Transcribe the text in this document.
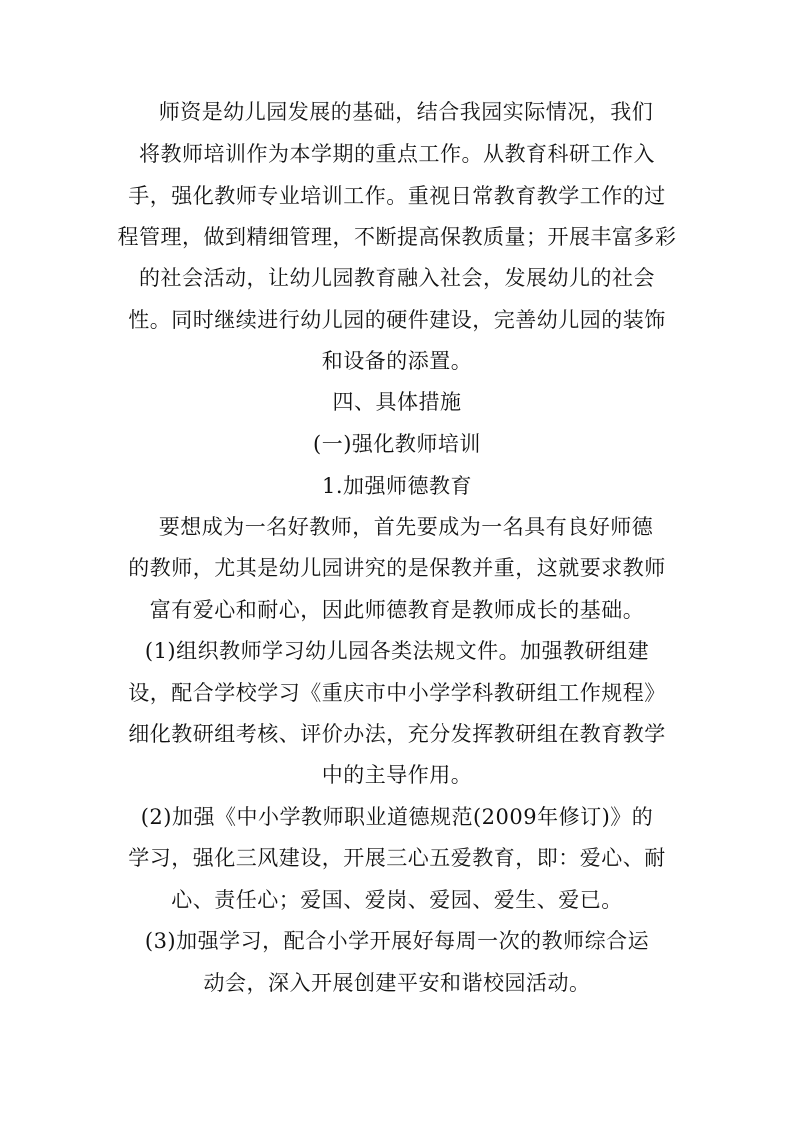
师资是幼儿园发展的基础，结合我园实际情况，我们
将教师培训作为本学期的重点工作。从教育科研工作入
手，强化教师专业培训工作。重视日常教育教学工作的过
程管理，做到精细管理，不断提高保教质量；开展丰富多彩
的社会活动，让幼儿园教育融入社会，发展幼儿的社会
性。同时继续进行幼儿园的硬件建设，完善幼儿园的装饰
和设备的添置。
四、具体措施
(一)强化教师培训
1.加强师德教育
要想成为一名好教师，首先要成为一名具有良好师德
的教师，尤其是幼儿园讲究的是保教并重，这就要求教师
富有爱心和耐心，因此师德教育是教师成长的基础。
(1)组织教师学习幼儿园各类法规文件。加强教研组建
设，配合学校学习《重庆市中小学学科教研组工作规程》
细化教研组考核、评价办法，充分发挥教研组在教育教学
中的主导作用。
(2)加强《中小学教师职业道德规范(2009年修订)》的
学习，强化三风建设，开展三心五爱教育，即：爱心、耐
心、责任心；爱国、爱岗、爱园、爱生、爱已。
(3)加强学习，配合小学开展好每周一次的教师综合运
动会，深入开展创建平安和谐校园活动。
